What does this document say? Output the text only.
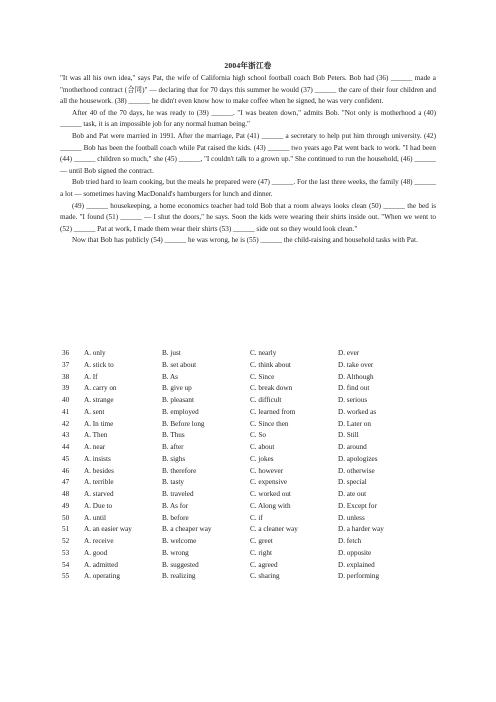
2004年浙江卷

"It was all his own idea," says Pat, the wife of California high school football coach Bob Peters. Bob had (36) ______ made a "motherhood contract (合同)" — declaring that for 70 days this summer he would (37) ______ the care of their four children and all the housework. (38) ______ he didn't even know how to make coffee when he signed, he was very confident.

After 40 of the 70 days, he was ready to (39) ______. "I was beaten down," admits Bob. "Not only is motherhood a (40) ______ task, it is an impossible job for any normal human being."

Bob and Pat were married in 1991. After the marriage, Pat (41) ______ a secretary to help put him through university. (42) ______ Bob has been the football coach while Pat raised the kids. (43) ______ two years ago Pat went back to work. "I had been (44) ______ children so much," she (45) ______, "I couldn't talk to a grown up." She continued to run the household, (46) ______ — until Bob signed the contract.

Bob tried hard to learn cooking, but the meals he prepared were (47) ______. For the last three weeks, the family (48) ______ a lot — sometimes having MacDonald's hamburgers for lunch and dinner.

(49) ______ housekeeping, a home economics teacher had told Bob that a room always looks clean (50) ______ the bed is made. "I found (51) ______ — I shut the doors," he says. Soon the kids were wearing their shirts inside out. "When we went to (52) ______ Pat at work, I made them wear their shirts (53) ______ side out so they would look clean."

Now that Bob has publicly (54) ______ he was wrong, he is (55) ______ the child-raising and household tasks with Pat.

36	A. only	B. just	C. nearly	D. ever
37	A. stick to	B. set about	C. think about	D. take over
38	A. If	B. As	C. Since	D. Although
39	A. carry on	B. give up	C. break down	D. find out
40	A. strange	B. pleasant	C. difficult	D. serious
41	A. sent	B. employed	C. learned from	D. worked as
42	A. In time	B. Before long	C. Since then	D. Later on
43	A. Then	B. Thus	C. So	D. Still
44	A. near	B. after	C. about	D. around
45	A. insists	B. sighs	C. jokes	D. apologizes
46	A. besides	B. therefore	C. however	D. otherwise
47	A. terrible	B. tasty	C. expensive	D. special
48	A. starved	B. traveled	C. worked out	D. ate out
49	A. Due to	B. As for	C. Along with	D. Except for
50	A. until	B. before	C. if	D. unless
51	A. an easier way	B. a cheaper way	C. a cleaner way	D. a harder way
52	A. receive	B. welcome	C. greet	D. fetch
53	A. good	B. wrong	C. right	D. opposite
54	A. admitted	B. suggested	C. agreed	D. explained
55	A. operating	B. realizing	C. sharing	D. performing
